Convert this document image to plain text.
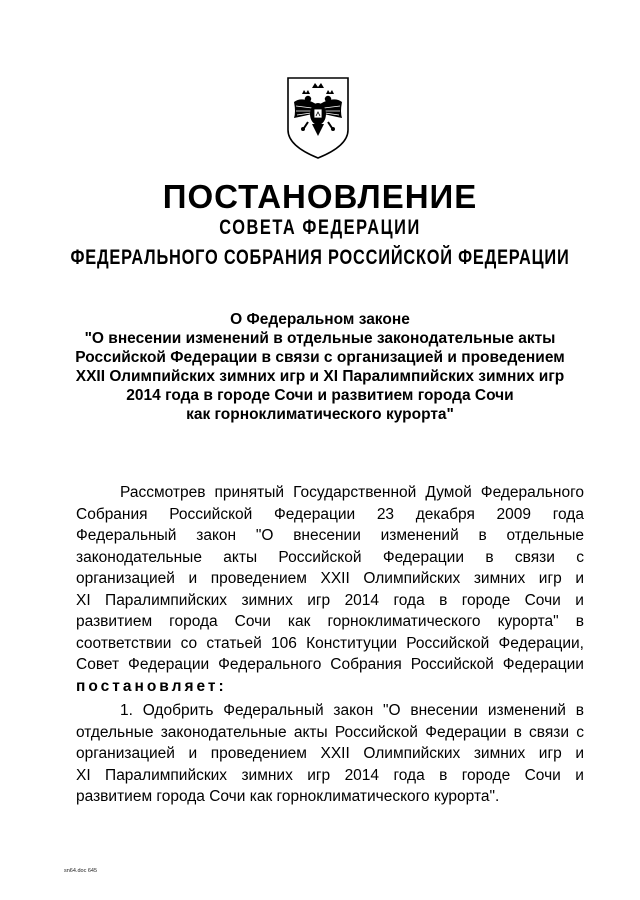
ПОСТАНОВЛЕНИЕ
СОВЕТА ФЕДЕРАЦИИ
ФЕДЕРАЛЬНОГО СОБРАНИЯ РОССИЙСКОЙ ФЕДЕРАЦИИ
О Федеральном законе
"О внесении изменений в отдельные законодательные акты
Российской Федерации в связи с организацией и проведением
XXII Олимпийских зимних игр и XI Паралимпийских зимних игр
2014 года в городе Сочи и развитием города Сочи
как горноклиматического курорта"
Рассмотрев принятый Государственной Думой Федерального
Собрания Российской Федерации 23 декабря 2009 года
Федеральный закон "О внесении изменений в отдельные
законодательные акты Российской Федерации в связи с
организацией и проведением XXII Олимпийских зимних игр и
XI Паралимпийских зимних игр 2014 года в городе Сочи и
развитием города Сочи как горноклиматического курорта" в
соответствии со статьей 106 Конституции Российской Федерации,
Совет Федерации Федерального Собрания Российской Федерации
постановляет:
1. Одобрить Федеральный закон "О внесении изменений в
отдельные законодательные акты Российской Федерации в связи с
организацией и проведением XXII Олимпийских зимних игр и
XI Паралимпийских зимних игр 2014 года в городе Сочи и
развитием города Сочи как горноклиматического курорта".
sn64.doc 645
